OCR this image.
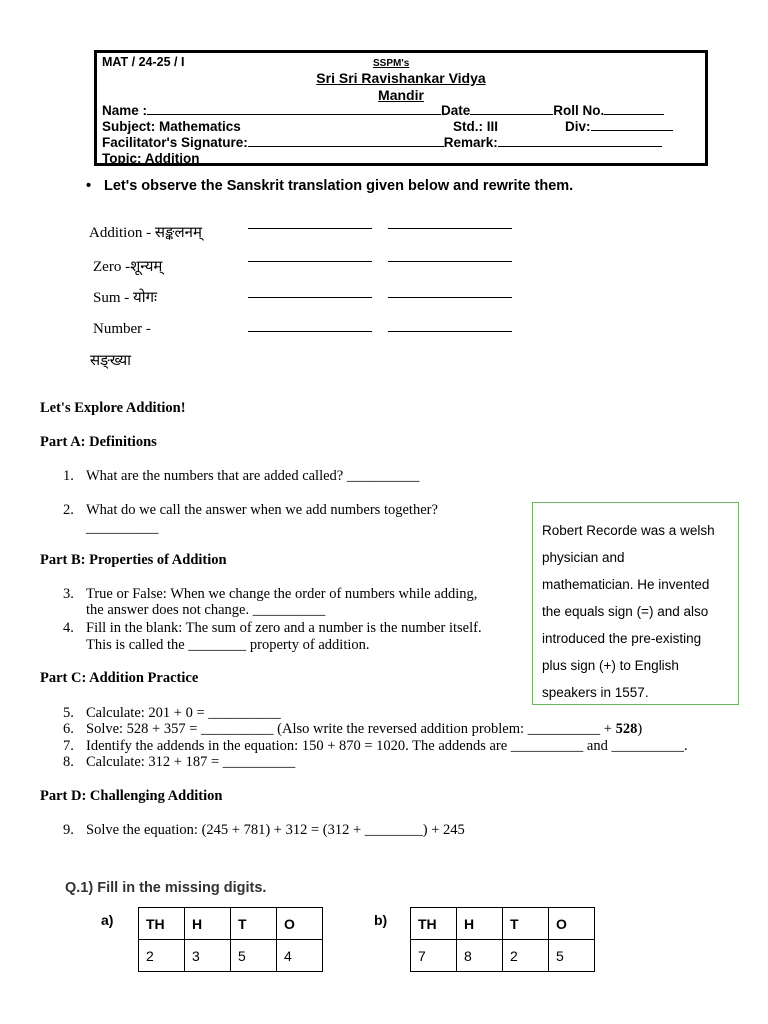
MAT / 24-25 / I	SSPM's
Sri Sri Ravishankar Vidya
Mandir
Name :	Date	Roll No.
Subject: Mathematics	Std.: III	Div:
Facilitator's Signature:	Remark:
Topic: Addition
• Let's observe the Sanskrit translation given below and rewrite them.
Addition - सङ्कलनम्
Zero -शून्यम्
Sum - योगः
Number -
सङ्ख्या
Let's Explore Addition!
Part A: Definitions
1. What are the numbers that are added called? __________
2. What do we call the answer when we add numbers together?
__________
Part B: Properties of Addition
3. True or False: When we change the order of numbers while adding,
the answer does not change. __________
4. Fill in the blank: The sum of zero and a number is the number itself.
This is called the ________ property of addition.
Part C: Addition Practice
5. Calculate: 201 + 0 = __________
6. Solve: 528 + 357 = __________ (Also write the reversed addition problem: __________ + 528)
7. Identify the addends in the equation: 150 + 870 = 1020. The addends are __________ and __________.
8. Calculate: 312 + 187 = __________
Part D: Challenging Addition
9. Solve the equation: (245 + 781) + 312 = (312 + ________) + 245
Robert Recorde was a welsh
physician and
mathematician. He invented
the equals sign (=) and also
introduced the pre-existing
plus sign (+) to English
speakers in 1557.
Q.1) Fill in the missing digits.
a)	b)
TH	H	T	O
2	3	5	4
TH	H	T	O
7	8	2	5
